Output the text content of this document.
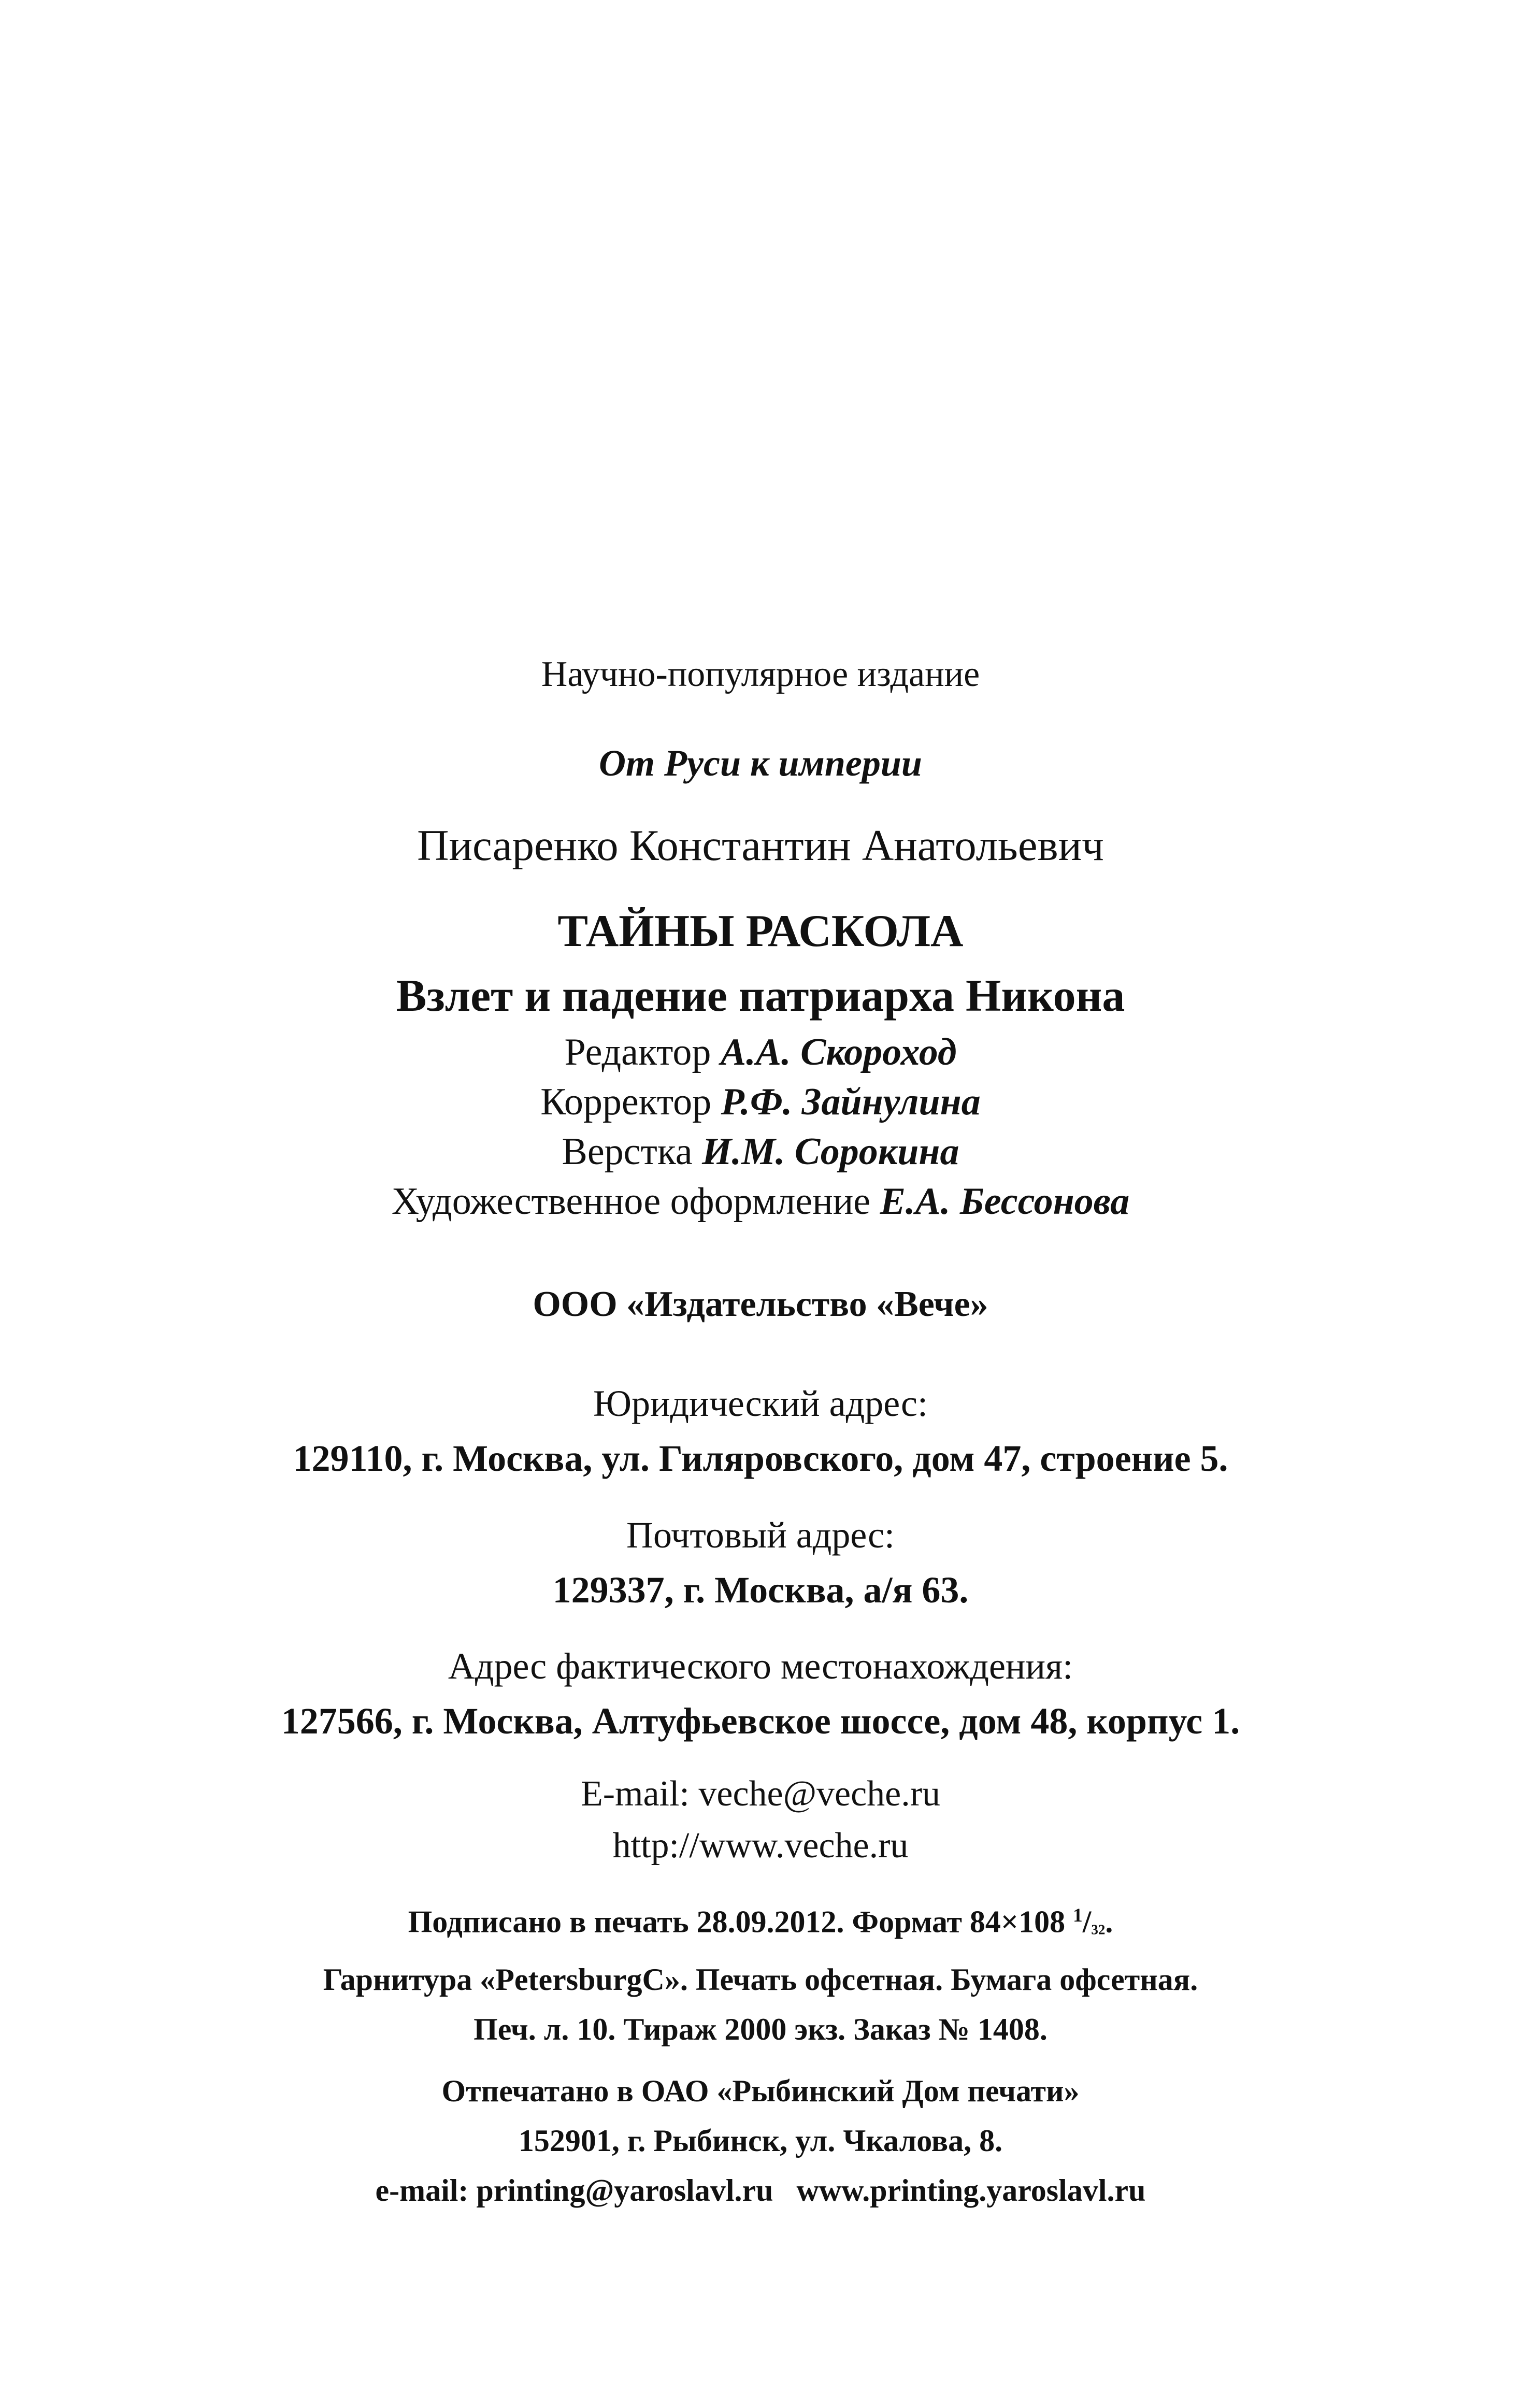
Научно-популярное издание
От Руси к империи
Писаренко Константин Анатольевич
ТАЙНЫ РАСКОЛА
Взлет и падение патриарха Никона
Редактор А.А. Скороход
Корректор Р.Ф. Зайнулина
Верстка И.М. Сорокина
Художественное оформление Е.А. Бессонова
ООО «Издательство «Вече»
Юридический адрес:
129110, г. Москва, ул. Гиляровского, дом 47, строение 5.
Почтовый адрес:
129337, г. Москва, а/я 63.
Адрес фактического местонахождения:
127566, г. Москва, Алтуфьевское шоссе, дом 48, корпус 1.
E-mail: veche@veche.ru
http://www.veche.ru
Подписано в печать 28.09.2012. Формат 84×108 $^1$/32.
Гарнитура «PetersburgC». Печать офсетная. Бумага офсетная.
Печ. л. 10. Тираж 2000 экз. Заказ № 1408.
Отпечатано в ОАО «Рыбинский Дом печати»
152901, г. Рыбинск, ул. Чкалова, 8.
e-mail: printing@yaroslavl.ru   www.printing.yaroslavl.ru
